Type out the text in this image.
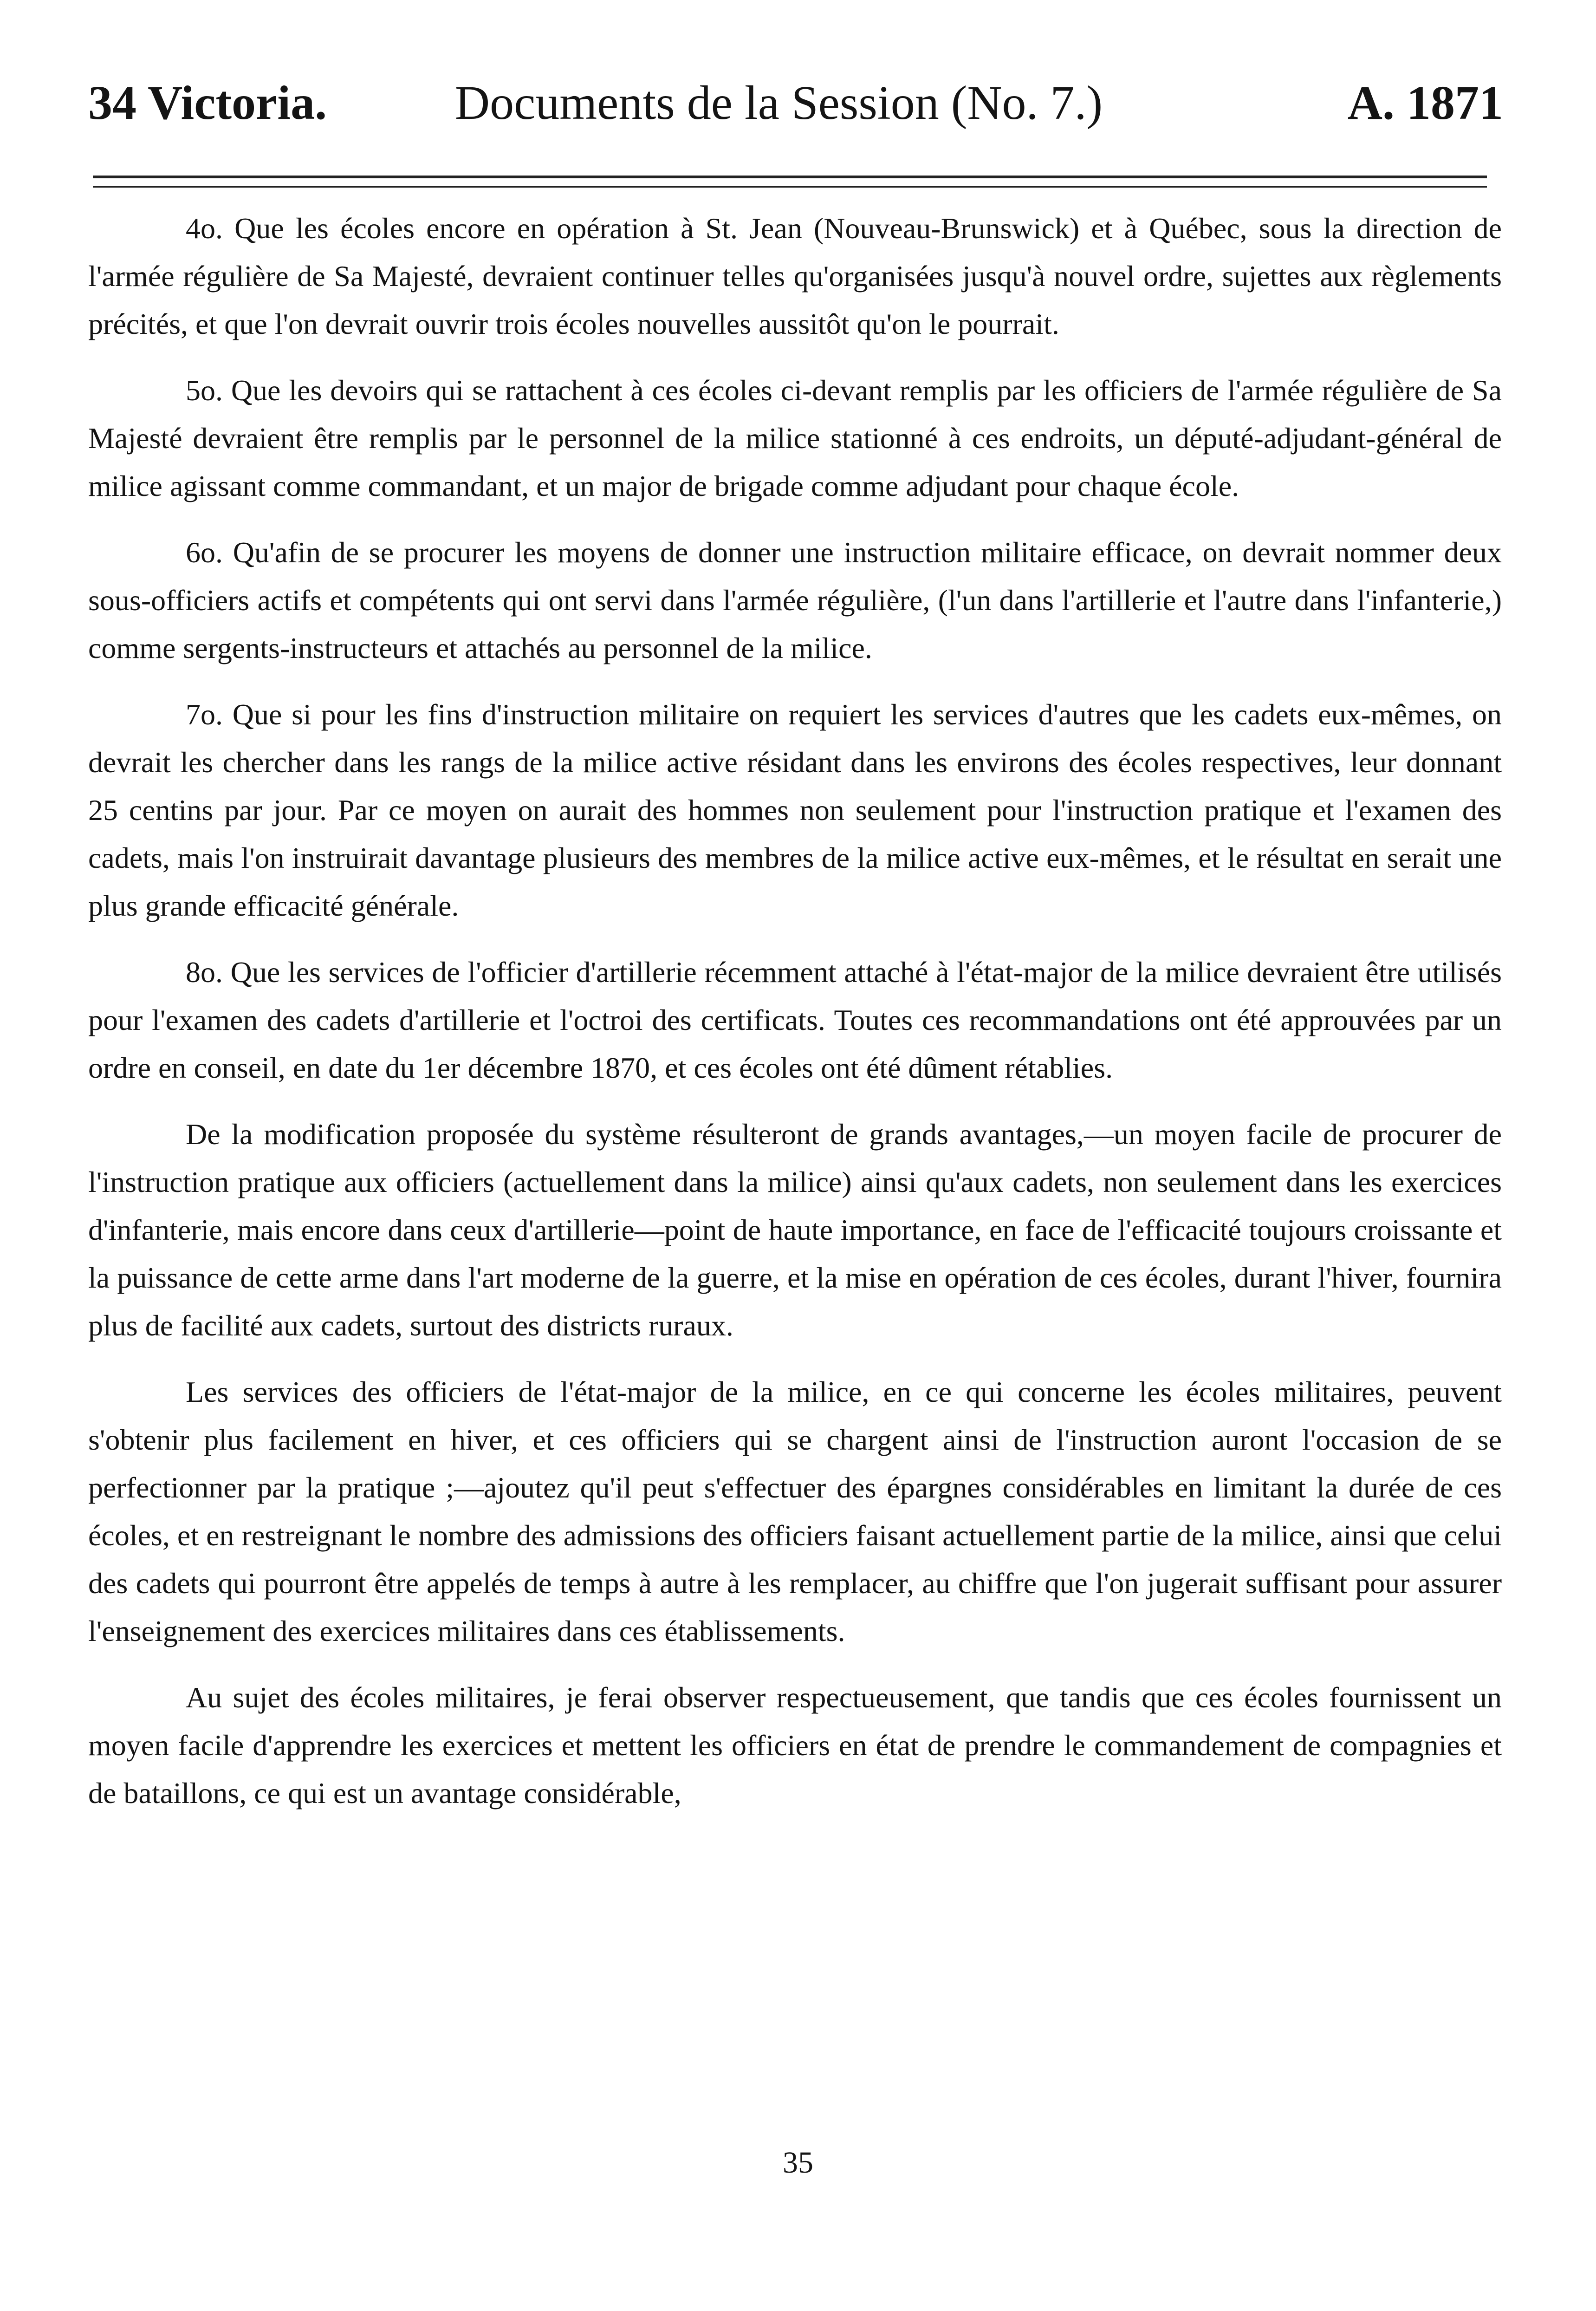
34 Victoria.	Documents de la Session (No. 7.)	A. 1871

4o. Que les écoles encore en opération à St. Jean (Nouveau-Brunswick) et à Québec, sous la direction de l'armée régulière de Sa Majesté, devraient continuer telles qu'organisées jusqu'à nouvel ordre, sujettes aux règlements précités, et que l'on devrait ouvrir trois écoles nouvelles aussitôt qu'on le pourrait.

5o. Que les devoirs qui se rattachent à ces écoles ci-devant remplis par les officiers de l'armée régulière de Sa Majesté devraient être remplis par le personnel de la milice stationné à ces endroits, un député-adjudant-général de milice agissant comme commandant, et un major de brigade comme adjudant pour chaque école.

6o. Qu'afin de se procurer les moyens de donner une instruction militaire efficace, on devrait nommer deux sous-officiers actifs et compétents qui ont servi dans l'armée régulière, (l'un dans l'artillerie et l'autre dans l'infanterie,) comme sergents-instructeurs et attachés au personnel de la milice.

7o. Que si pour les fins d'instruction militaire on requiert les services d'autres que les cadets eux-mêmes, on devrait les chercher dans les rangs de la milice active résidant dans les environs des écoles respectives, leur donnant 25 centins par jour. Par ce moyen on aurait des hommes non seulement pour l'instruction pratique et l'examen des cadets, mais l'on instruirait davantage plusieurs des membres de la milice active eux-mêmes, et le résultat en serait une plus grande efficacité générale.

8o. Que les services de l'officier d'artillerie récemment attaché à l'état-major de la milice devraient être utilisés pour l'examen des cadets d'artillerie et l'octroi des certificats. Toutes ces recommandations ont été approuvées par un ordre en conseil, en date du 1er décembre 1870, et ces écoles ont été dûment rétablies.

De la modification proposée du système résulteront de grands avantages,—un moyen facile de procurer de l'instruction pratique aux officiers (actuellement dans la milice) ainsi qu'aux cadets, non seulement dans les exercices d'infanterie, mais encore dans ceux d'artillerie—point de haute importance, en face de l'efficacité toujours croissante et la puissance de cette arme dans l'art moderne de la guerre, et la mise en opération de ces écoles, durant l'hiver, fournira plus de facilité aux cadets, surtout des districts ruraux.

Les services des officiers de l'état-major de la milice, en ce qui concerne les écoles militaires, peuvent s'obtenir plus facilement en hiver, et ces officiers qui se chargent ainsi de l'instruction auront l'occasion de se perfectionner par la pratique ;—ajoutez qu'il peut s'effectuer des épargnes considérables en limitant la durée de ces écoles, et en restreignant le nombre des admissions des officiers faisant actuellement partie de la milice, ainsi que celui des cadets qui pourront être appelés de temps à autre à les remplacer, au chiffre que l'on jugerait suffisant pour assurer l'enseignement des exercices militaires dans ces établissements.

Au sujet des écoles militaires, je ferai observer respectueusement, que tandis que ces écoles fournissent un moyen facile d'apprendre les exercices et mettent les officiers en état de prendre le commandement de compagnies et de bataillons, ce qui est un avantage considérable,

35
